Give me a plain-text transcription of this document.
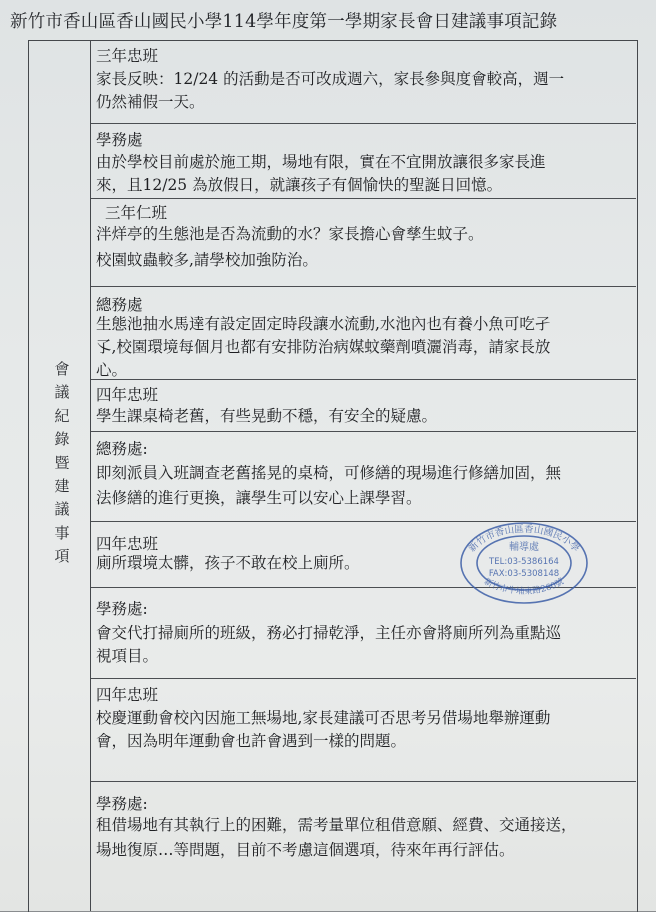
新竹市香山區香山國民小學114學年度第一學期家長會日建議事項記錄
會
議
紀
錄
暨
建
議
事
項
三年忠班
家長反映：12/24 的活動是否可改成週六，家長參與度會較高，週一
仍然補假一天。
學務處
由於學校目前處於施工期，場地有限，實在不宜開放讓很多家長進
來，且12/25 為放假日，就讓孩子有個愉快的聖誕日回憶。
三年仁班
泮烊亭的生態池是否為流動的水？家長擔心會孳生蚊子。
校園蚊蟲較多,請學校加強防治。
總務處
生態池抽水馬達有設定固定時段讓水流動,水池內也有養小魚可吃孑
孓,校園環境每個月也都有安排防治病媒蚊藥劑噴灑消毒，請家長放
心。
四年忠班
學生課桌椅老舊，有些晃動不穩，有安全的疑慮。
總務處:
即刻派員入班調查老舊搖晃的桌椅，可修繕的現場進行修繕加固，無
法修繕的進行更換，讓學生可以安心上課學習。
四年忠班
廁所環境太髒，孩子不敢在校上廁所。
學務處:
會交代打掃廁所的班級，務必打掃乾淨，主任亦會將廁所列為重點巡
視項目。
四年忠班
校慶運動會校內因施工無場地,家長建議可否思考另借場地舉辦運動
會，因為明年運動會也許會遇到一樣的問題。
學務處:
租借場地有其執行上的困難，需考量單位租借意願、經費、交通接送，
場地復原…等問題，目前不考慮這個選項，待來年再行評估。
新竹市香山區香山國民小學
新竹市牛埔東路260號
輔導處
TEL:03-5386164
FAX:03-5308148
